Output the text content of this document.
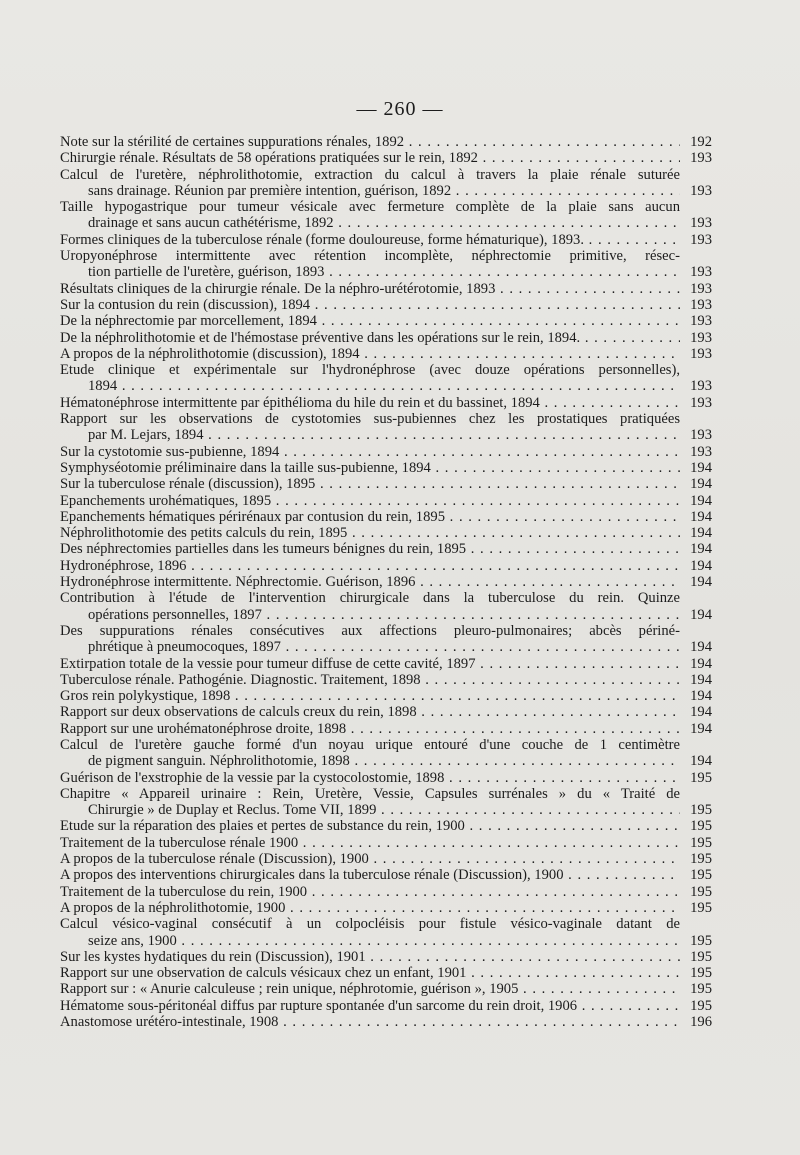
— 260 —
Note sur la stérilité de certaines suppurations rénales, 1892 . . .	192
Chirurgie rénale. Résultats de 58 opérations pratiquées sur le rein, 1892 . . .	193
Calcul de l'uretère, néphrolithotomie, extraction du calcul à travers la plaie rénale suturée
sans drainage. Réunion par première intention, guérison, 1892 . . .	193
Taille hypogastrique pour tumeur vésicale avec fermeture complète de la plaie sans aucun
drainage et sans aucun cathétérisme, 1892 . . .	193
Formes cliniques de la tuberculose rénale (forme douloureuse, forme hématurique), 1893. . . .	193
Uropyonéphrose intermittente avec rétention incomplète, néphrectomie primitive, résec-
tion partielle de l'uretère, guérison, 1893 . . .	193
Résultats cliniques de la chirurgie rénale. De la néphro-urétérotomie, 1893 . . .	193
Sur la contusion du rein (discussion), 1894 . . .	193
De la néphrectomie par morcellement, 1894 . . .	193
De la néphrolithotomie et de l'hémostase préventive dans les opérations sur le rein, 1894. . . .	193
A propos de la néphrolithotomie (discussion), 1894 . . .	193
Etude clinique et expérimentale sur l'hydronéphrose (avec douze opérations personnelles),
1894 . . .	193
Hématonéphrose intermittente par épithélioma du hile du rein et du bassinet, 1894 . . .	193
Rapport sur les observations de cystotomies sus-pubiennes chez les prostatiques pratiquées
par M. Lejars, 1894 . . .	193
Sur la cystotomie sus-pubienne, 1894 . . .	193
Symphyséotomie préliminaire dans la taille sus-pubienne, 1894 . . .	194
Sur la tuberculose rénale (discussion), 1895 . . .	194
Epanchements urohématiques, 1895 . . .	194
Epanchements hématiques périrénaux par contusion du rein, 1895 . . .	194
Néphrolithotomie des petits calculs du rein, 1895 . . .	194
Des néphrectomies partielles dans les tumeurs bénignes du rein, 1895 . . .	194
Hydronéphrose, 1896 . . .	194
Hydronéphrose intermittente. Néphrectomie. Guérison, 1896 . . .	194
Contribution à l'étude de l'intervention chirurgicale dans la tuberculose du rein. Quinze
opérations personnelles, 1897 . . .	194
Des suppurations rénales consécutives aux affections pleuro-pulmonaires; abcès périné-
phrétique à pneumocoques, 1897 . . .	194
Extirpation totale de la vessie pour tumeur diffuse de cette cavité, 1897 . . .	194
Tuberculose rénale. Pathogénie. Diagnostic. Traitement, 1898 . . .	194
Gros rein polykystique, 1898 . . .	194
Rapport sur deux observations de calculs creux du rein, 1898 . . .	194
Rapport sur une urohématonéphrose droite, 1898 . . .	194
Calcul de l'uretère gauche formé d'un noyau urique entouré d'une couche de 1 centimètre
de pigment sanguin. Néphrolithotomie, 1898 . . .	194
Guérison de l'exstrophie de la vessie par la cystocolostomie, 1898 . . .	195
Chapitre « Appareil urinaire : Rein, Uretère, Vessie, Capsules surrénales » du « Traité de
Chirurgie » de Duplay et Reclus. Tome VII, 1899 . . .	195
Etude sur la réparation des plaies et pertes de substance du rein, 1900 . . .	195
Traitement de la tuberculose rénale 1900 . . .	195
A propos de la tuberculose rénale (Discussion), 1900 . . .	195
A propos des interventions chirurgicales dans la tuberculose rénale (Discussion), 1900 . . .	195
Traitement de la tuberculose du rein, 1900 . . .	195
A propos de la néphrolithotomie, 1900 . . .	195
Calcul vésico-vaginal consécutif à un colpocléisis pour fistule vésico-vaginale datant de
seize ans, 1900 . . .	195
Sur les kystes hydatiques du rein (Discussion), 1901 . . .	195
Rapport sur une observation de calculs vésicaux chez un enfant, 1901 . . .	195
Rapport sur : « Anurie calculeuse ; rein unique, néphrotomie, guérison », 1905 . . .	195
Hématome sous-péritonéal diffus par rupture spontanée d'un sarcome du rein droit, 1906 . . .	195
Anastomose urétéro-intestinale, 1908 . . .	196
